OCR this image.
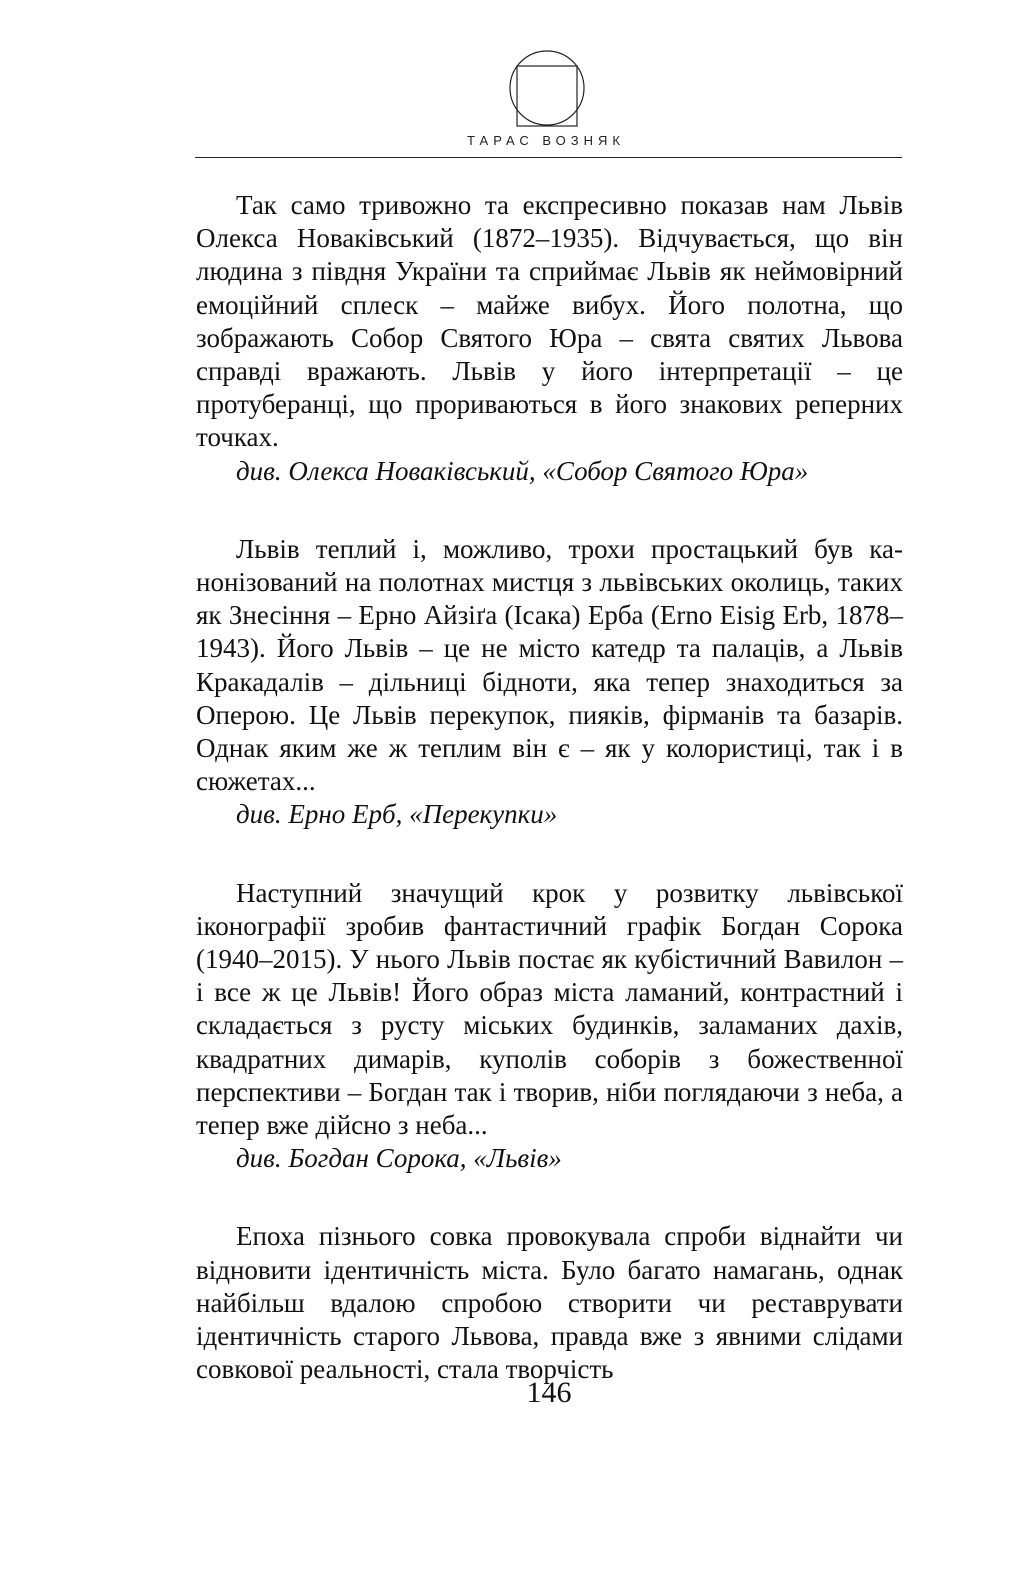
ТАРАС ВОЗНЯК

Так само тривожно та експресивно показав нам Львів Олекса Новаківський (1872–1935). Відчувається, що він людина з півдня України та сприймає Львів як неймовірний емоційний сплеск – майже вибух. Його полотна, що зображають Собор Святого Юра – свята святих Львова справді вражають. Львів у його інтерпретації – це протуберанці, що прориваються в його знакових реперних точках.

див. Олекса Новаківський, «Собор Святого Юра»

Львів теплий і, можливо, трохи простацький був канонізований на полотнах мистця з львівських околиць, таких як Знесіння – Ерно Айзіґа (Ісака) Ерба (Erno Eisig Erb, 1878–1943). Його Львів – це не місто катедр та палаців, а Львів Кракадалів – дільниці бідноти, яка тепер знаходиться за Оперою. Це Львів перекупок, пияків, фірманів та базарів. Однак яким же ж теплим він є – як у колористиці, так і в сюжетах...

див. Ерно Ерб, «Перекупки»

Наступний значущий крок у розвитку львівської іконографії зробив фантастичний графік Богдан Сорока (1940–2015). У нього Львів постає як кубістичний Вавилон – і все ж це Львів! Його образ міста ламаний, контрастний і складається з русту міських будинків, заламаних дахів, квадратних димарів, куполів соборів з божественної перспективи – Богдан так і творив, ніби поглядаючи з неба, а тепер вже дійсно з неба...

див. Богдан Сорока, «Львів»

Епоха пізнього совка провокувала спроби віднайти чи відновити ідентичність міста. Було багато намагань, однак найбільш вдалою спробою створити чи реставрувати ідентичність старого Львова, правда вже з явними слідами совкової реальності, стала творчість

146
